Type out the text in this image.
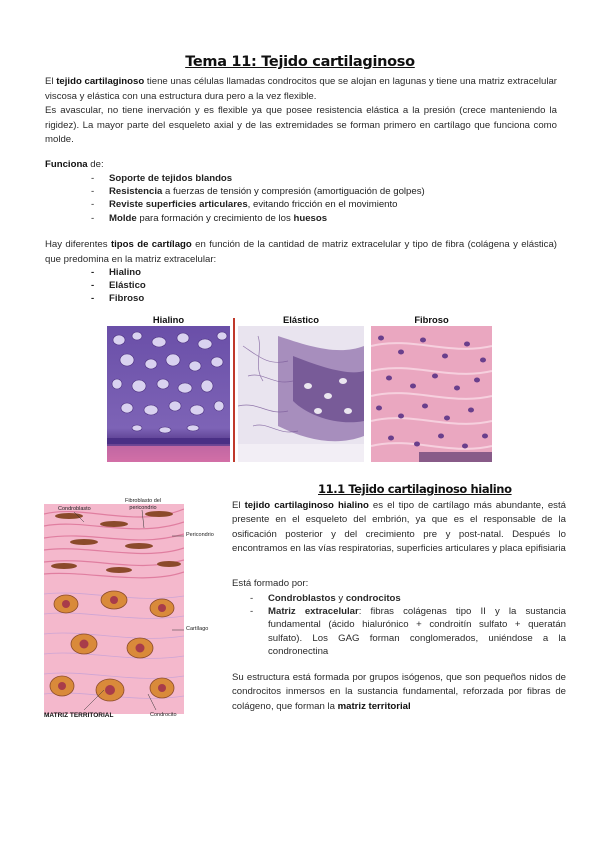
Tema 11: Tejido cartilaginoso
El tejido cartilaginoso tiene unas células llamadas condrocitos que se alojan en lagunas y tiene una matriz extracelular viscosa y elástica con una estructura dura pero a la vez flexible.
Es avascular, no tiene inervación y es flexible ya que posee resistencia elástica a la presión (crece manteniendo la rigidez). La mayor parte del esqueleto axial y de las extremidades se forman primero en cartílago que funciona como molde.
Funciona de:
- Soporte de tejidos blandos
- Resistencia a fuerzas de tensión y compresión (amortiguación de golpes)
- Reviste superficies articulares, evitando fricción en el movimiento
- Molde para formación y crecimiento de los huesos
Hay diferentes tipos de cartílago en función de la cantidad de matriz extracelular y tipo de fibra (colágena y elástica) que predomina en la matriz extracelular:
- Hialino
- Elástico
- Fibroso
Hialino	Elástico	Fibroso
11.1 Tejido cartilaginoso hialino
El tejido cartilaginoso hialino es el tipo de cartílago más abundante, está presente en el esqueleto del embrión, ya que es el responsable de la osificación posterior y del crecimiento pre y post-natal. Después lo encontramos en las vías respiratorias, superficies articulares y placa epifisiaria
Está formado por:
- Condroblastos y condrocitos
- Matriz extracelular: fibras colágenas tipo II y la sustancia fundamental (ácido hialurónico + condroitín sulfato + queratán sulfato). Los GAG forman conglomerados, uniéndose a la condronectina
Su estructura está formada por grupos isógenos, que son pequeños nidos de condrocitos inmersos en la sustancia fundamental, reforzada por fibras de colágeno, que forman la matriz territorial
Condroblasto
Fibroblasto del pericondrio
Pericondrio
Cartílago
MATRIZ TERRITORIAL	Condrocito
